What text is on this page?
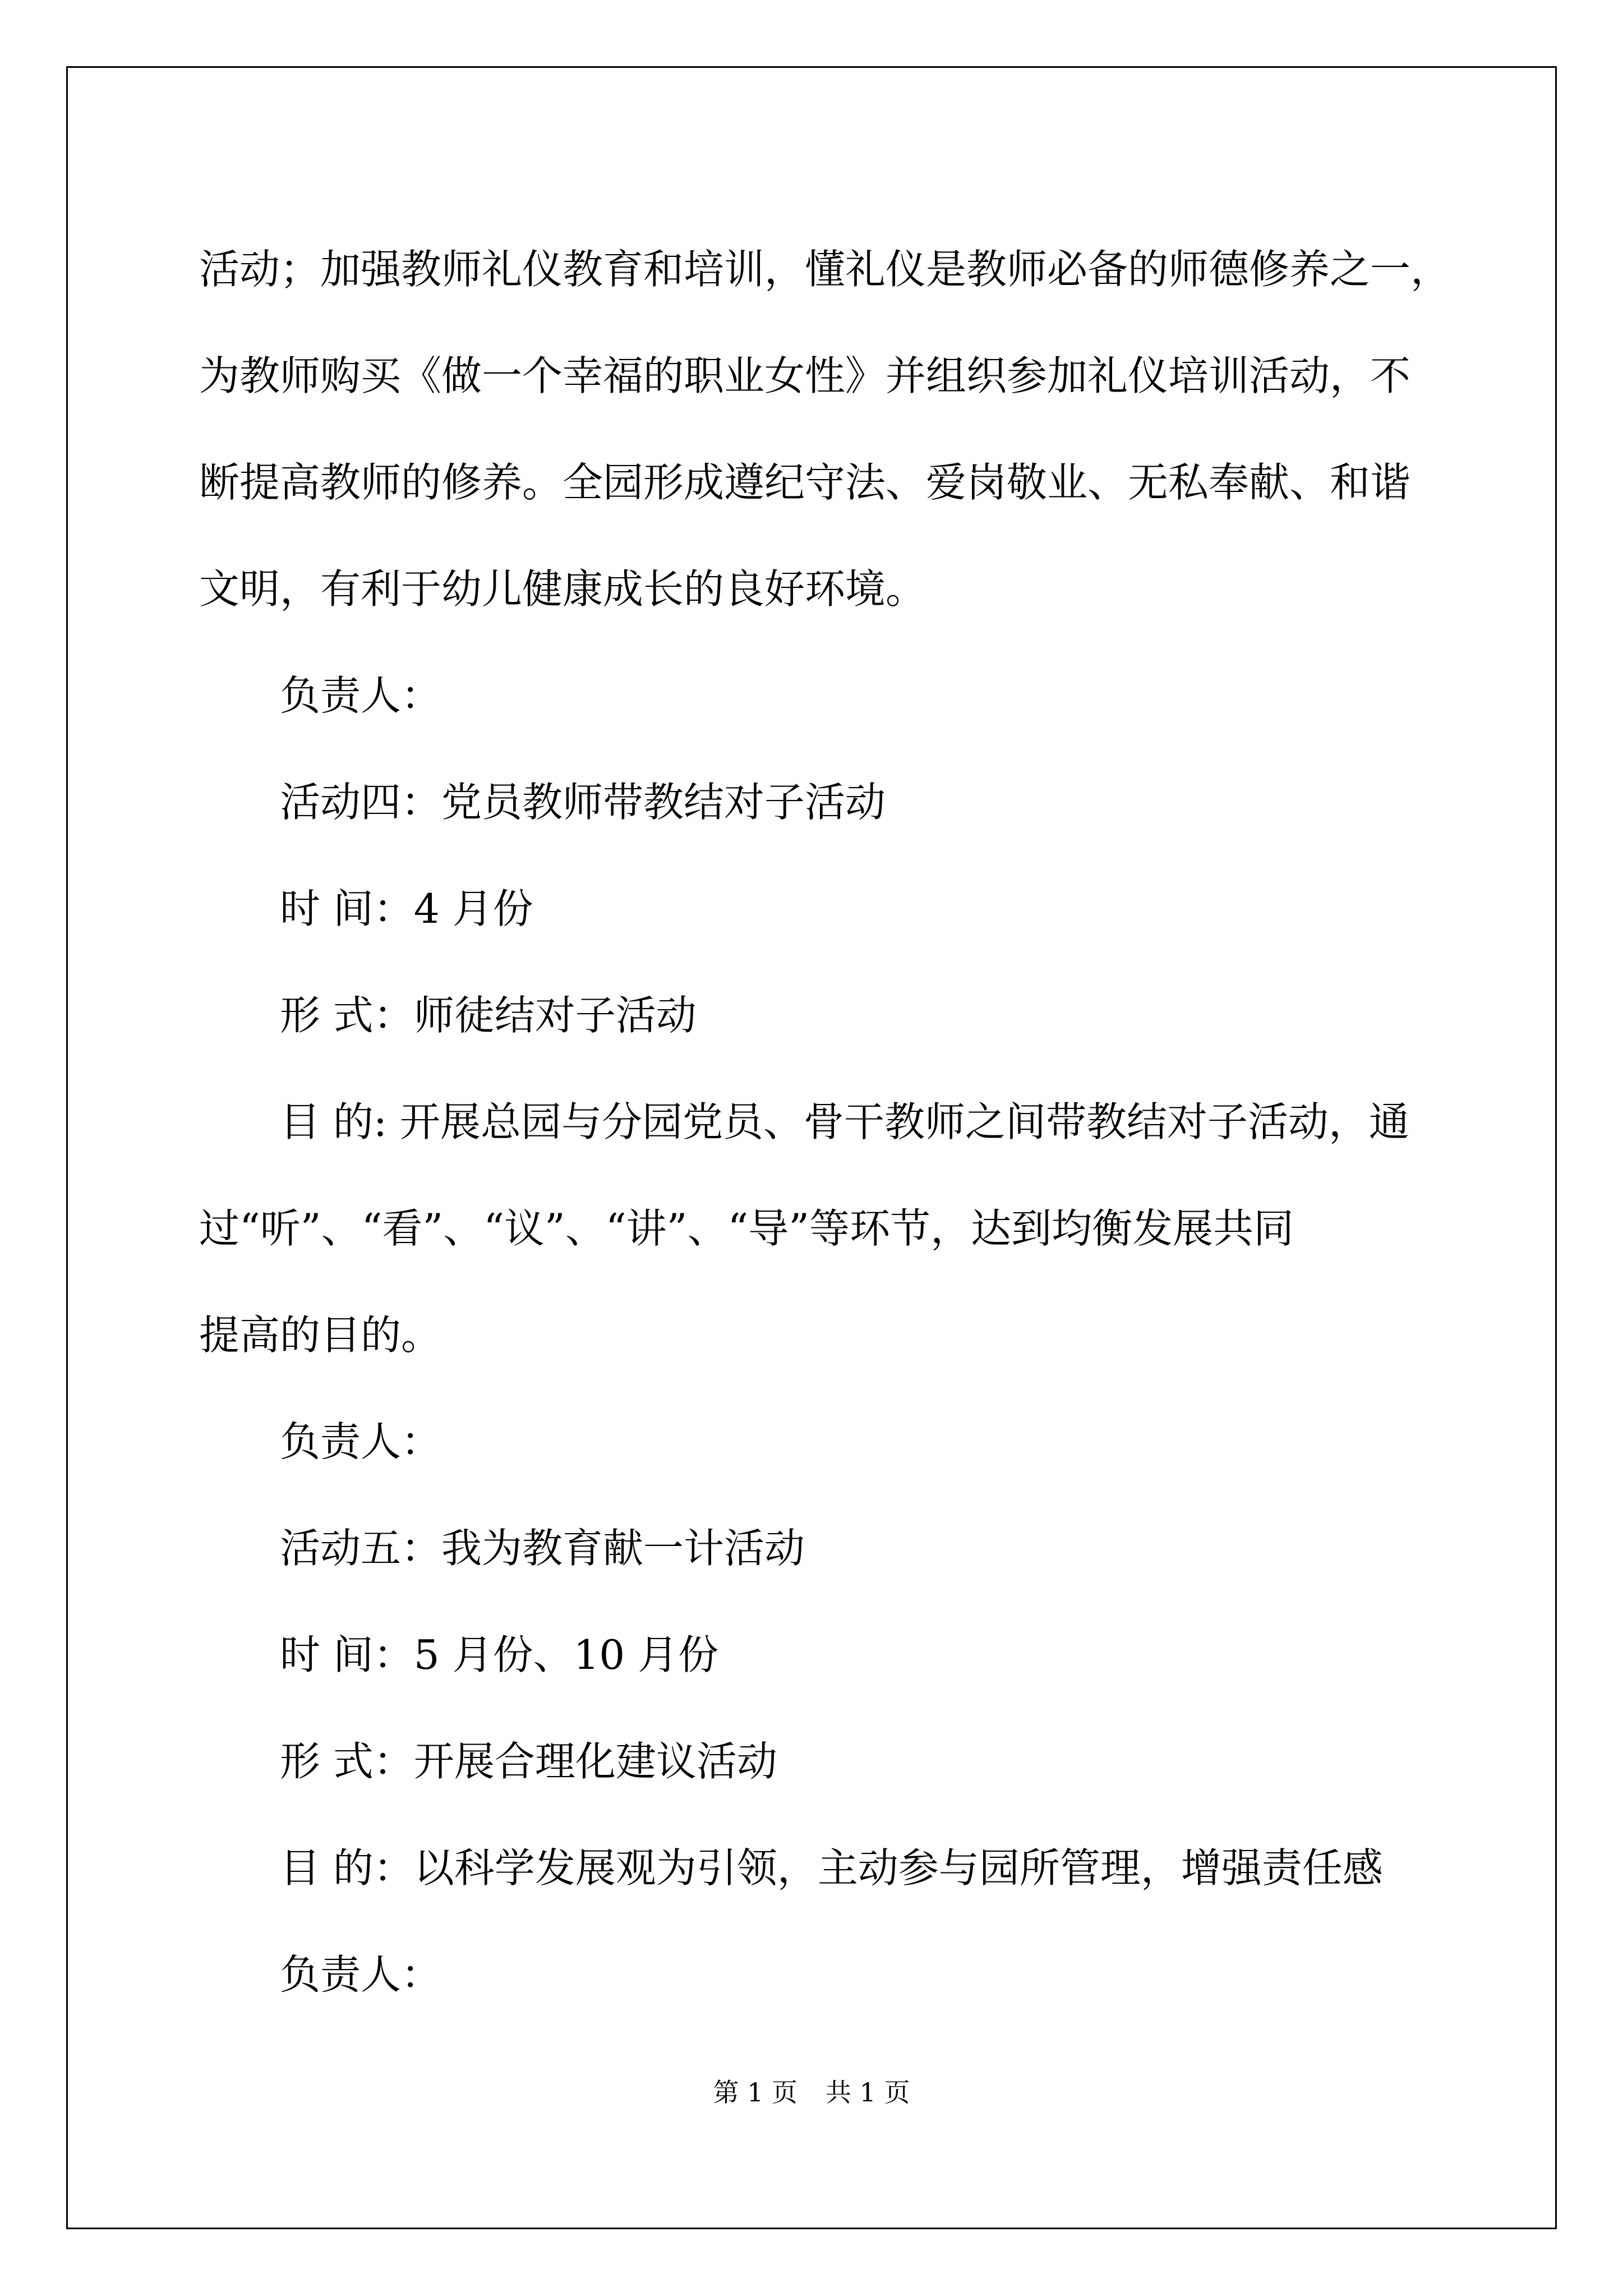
活动；加强教师礼仪教育和培训，懂礼仪是教师必备的师德修养之一，
为教师购买《做一个幸福的职业女性》并组织参加礼仪培训活动，不
断提高教师的修养。全园形成遵纪守法、爱岗敬业、无私奉献、和谐
文明，有利于幼儿健康成长的良好环境。

负责人：

活动四：党员教师带教结对子活动
时 间：4 月份
形 式：师徒结对子活动
目 的: 开展总园与分园党员、骨干教师之间带教结对子活动，通
过“听”、“看”、“议”、“讲”、“导”等环节，达到均衡发展共同
提高的目的。
负责人：

活动五：我为教育献一计活动
时 间：5 月份、10 月份
形 式：开展合理化建议活动
目 的：以科学发展观为引领，主动参与园所管理，增强责任感
负责人：

第 1 页 共 1 页
